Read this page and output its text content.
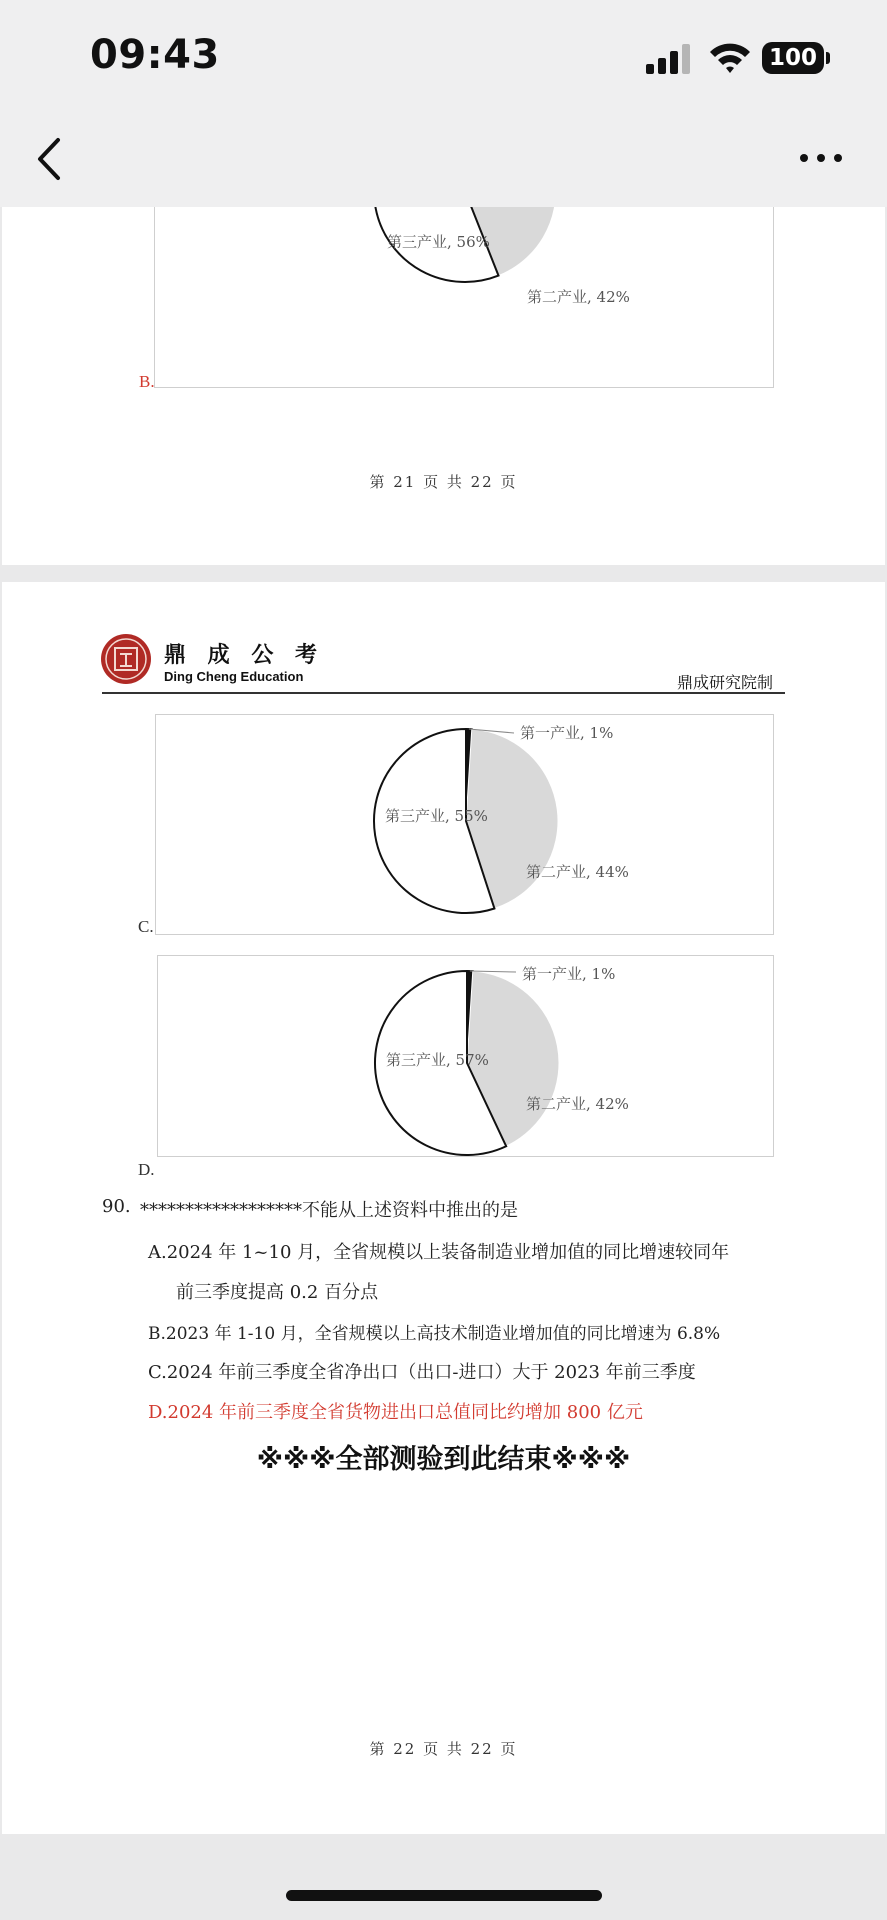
09:43	100
第三产业, 56%
第二产业, 42%
B.
第 21 页 共 22 页
鼎 成 公 考
Ding Cheng Education	鼎成研究院制
第一产业, 1%
第三产业, 55%
第二产业, 44%
C.
第一产业, 1%
第三产业, 57%
第二产业, 42%
D.
90. ******************不能从上述资料中推出的是
A.2024 年 1~10 月，全省规模以上装备制造业增加值的同比增速较同年
前三季度提高 0.2 百分点
B.2023 年 1-10 月，全省规模以上高技术制造业增加值的同比增速为 6.8%
C.2024 年前三季度全省净出口（出口-进口）大于 2023 年前三季度
D.2024 年前三季度全省货物进出口总值同比约增加 800 亿元
※※※全部测验到此结束※※※
第 22 页 共 22 页
